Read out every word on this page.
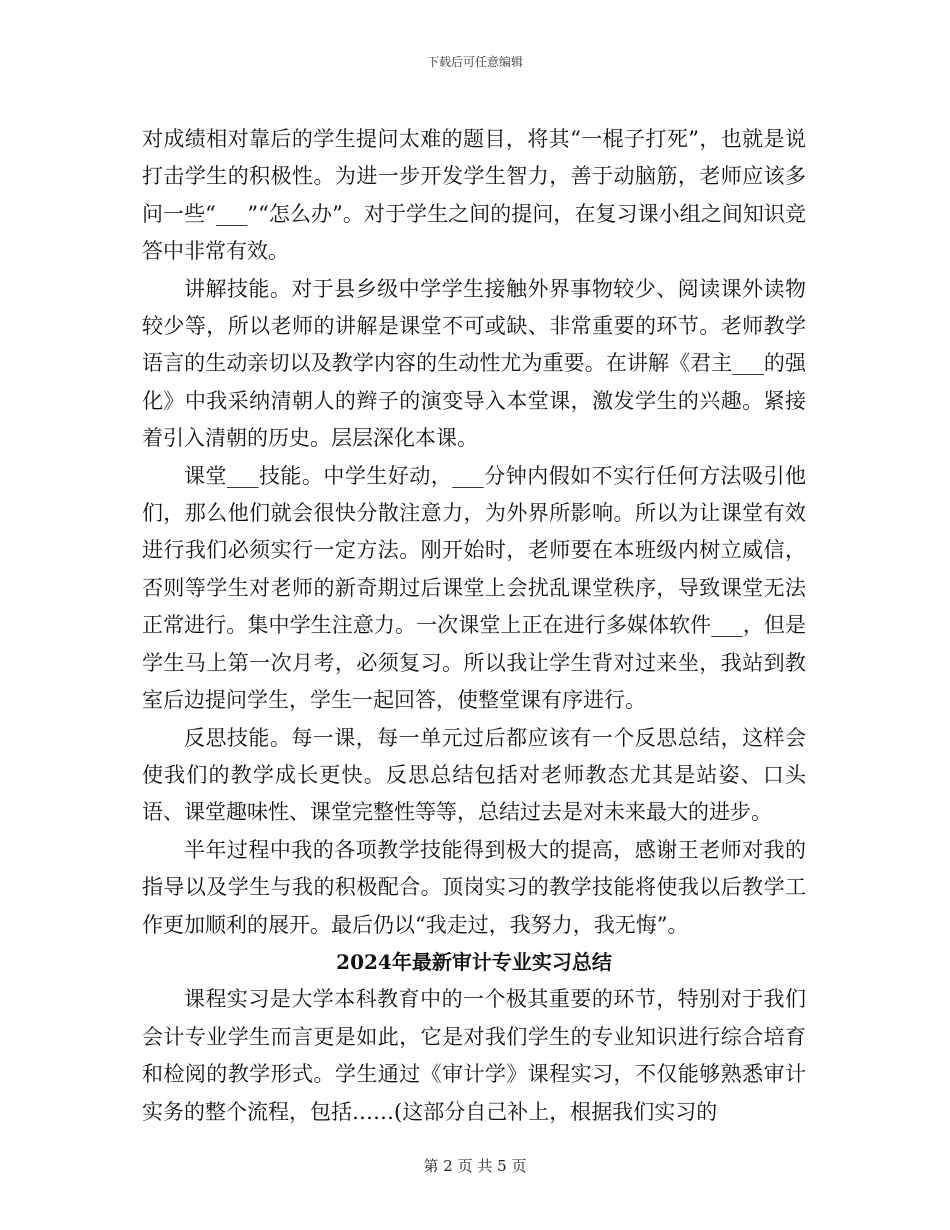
下载后可任意编辑

对成绩相对靠后的学生提问太难的题目，将其“一棍子打死”，也就是说打击学生的积极性。为进一步开发学生智力，善于动脑筋，老师应该多问一些“___”“怎么办”。对于学生之间的提问，在复习课小组之间知识竞答中非常有效。

讲解技能。对于县乡级中学学生接触外界事物较少、阅读课外读物较少等，所以老师的讲解是课堂不可或缺、非常重要的环节。老师教学语言的生动亲切以及教学内容的生动性尤为重要。在讲解《君主___的强化》中我采纳清朝人的辫子的演变导入本堂课，激发学生的兴趣。紧接着引入清朝的历史。层层深化本课。

课堂___技能。中学生好动，___分钟内假如不实行任何方法吸引他们，那么他们就会很快分散注意力，为外界所影响。所以为让课堂有效进行我们必须实行一定方法。刚开始时，老师要在本班级内树立威信，否则等学生对老师的新奇期过后课堂上会扰乱课堂秩序，导致课堂无法正常进行。集中学生注意力。一次课堂上正在进行多媒体软件___，但是学生马上第一次月考，必须复习。所以我让学生背对过来坐，我站到教室后边提问学生，学生一起回答，使整堂课有序进行。

反思技能。每一课，每一单元过后都应该有一个反思总结，这样会使我们的教学成长更快。反思总结包括对老师教态尤其是站姿、口头语、课堂趣味性、课堂完整性等等，总结过去是对未来最大的进步。

半年过程中我的各项教学技能得到极大的提高，感谢王老师对我的指导以及学生与我的积极配合。顶岗实习的教学技能将使我以后教学工作更加顺利的展开。最后仍以“我走过，我努力，我无悔”。

2024年最新审计专业实习总结

课程实习是大学本科教育中的一个极其重要的环节，特别对于我们会计专业学生而言更是如此，它是对我们学生的专业知识进行综合培育和检阅的教学形式。学生通过《审计学》课程实习，不仅能够熟悉审计实务的整个流程，包括……(这部分自己补上，根据我们实习的

第 2 页 共 5 页
